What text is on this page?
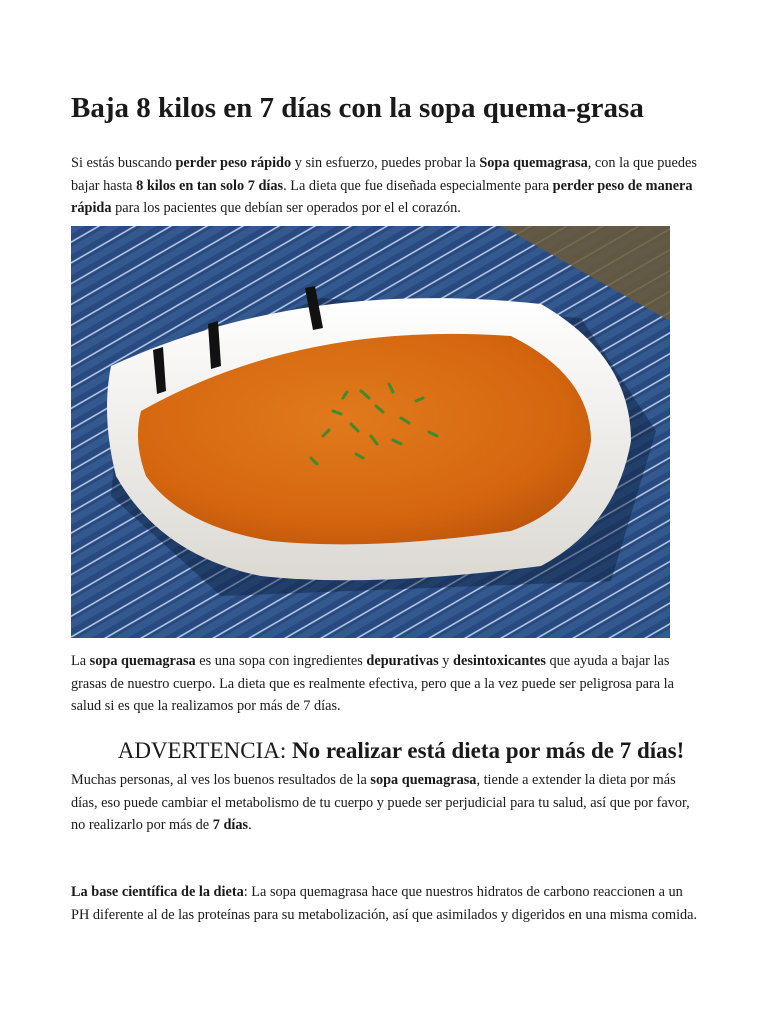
Baja 8 kilos en 7 días con la sopa quema-grasa

Si estás buscando perder peso rápido y sin esfuerzo, puedes probar la Sopa quemagrasa, con la que puedes bajar hasta 8 kilos en tan solo 7 días. La dieta que fue diseñada especialmente para perder peso de manera rápida para los pacientes que debían ser operados por el el corazón.

La sopa quemagrasa es una sopa con ingredientes depurativas y desintoxicantes que ayuda a bajar las grasas de nuestro cuerpo. La dieta que es realmente efectiva, pero que a la vez puede ser peligrosa para la salud si es que la realizamos por más de 7 días.

ADVERTENCIA: No realizar está dieta por más de 7 días!

Muchas personas, al ves los buenos resultados de la sopa quemagrasa, tiende a extender la dieta por más días, eso puede cambiar el metabolismo de tu cuerpo y puede ser perjudicial para tu salud, así que por favor, no realizarlo por más de 7 días.

La base científica de la dieta: La sopa quemagrasa hace que nuestros hidratos de carbono reaccionen a un PH diferente al de las proteínas para su metabolización, así que asimilados y digeridos en una misma comida.
